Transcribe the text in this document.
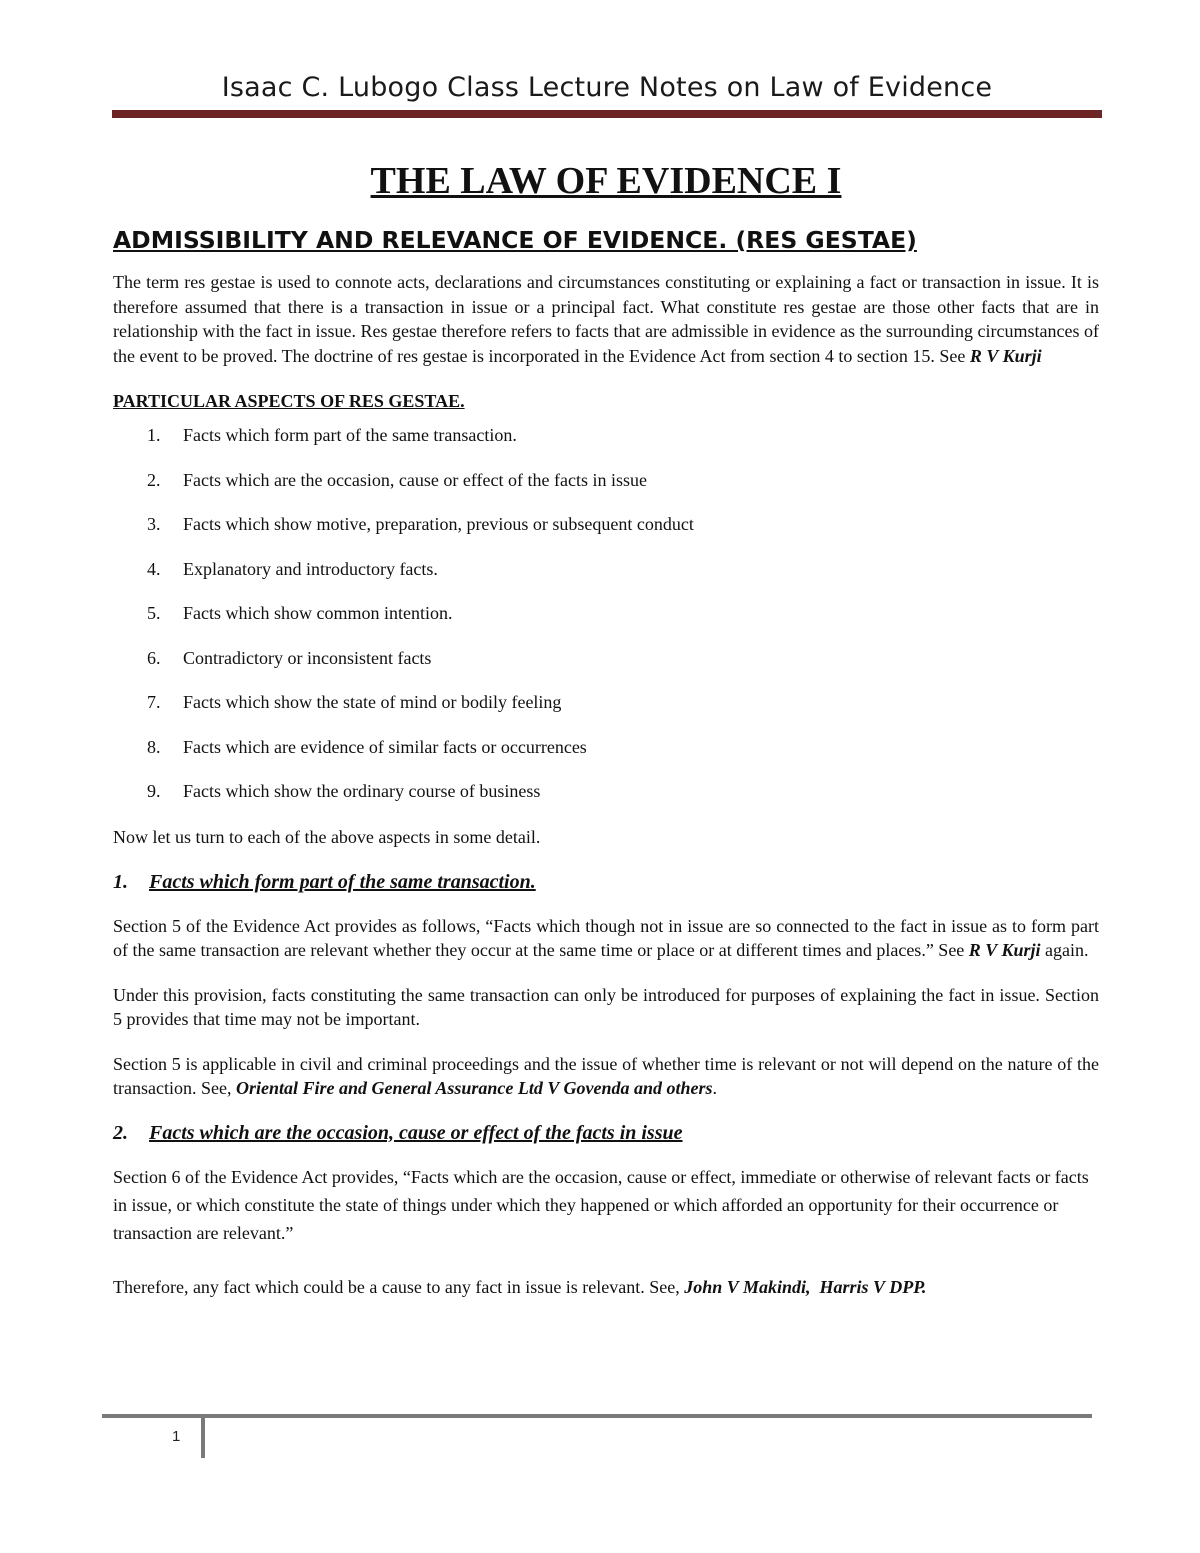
Isaac C. Lubogo Class Lecture Notes on Law of Evidence
THE LAW OF EVIDENCE I
ADMISSIBILITY AND RELEVANCE OF EVIDENCE. (RES GESTAE)

The term res gestae is used to connote acts, declarations and circumstances constituting or explaining a fact or transaction in issue. It is therefore assumed that there is a transaction in issue or a principal fact. What constitute res gestae are those other facts that are in relationship with the fact in issue. Res gestae therefore refers to facts that are admissible in evidence as the surrounding circumstances of the event to be proved. The doctrine of res gestae is incorporated in the Evidence Act from section 4 to section 15. See R V Kurji

PARTICULAR ASPECTS OF RES GESTAE.

1. Facts which form part of the same transaction.
2. Facts which are the occasion, cause or effect of the facts in issue
3. Facts which show motive, preparation, previous or subsequent conduct
4. Explanatory and introductory facts.
5. Facts which show common intention.
6. Contradictory or inconsistent facts
7. Facts which show the state of mind or bodily feeling
8. Facts which are evidence of similar facts or occurrences
9. Facts which show the ordinary course of business

Now let us turn to each of the above aspects in some detail.

1. Facts which form part of the same transaction.

Section 5 of the Evidence Act provides as follows, “Facts which though not in issue are so connected to the fact in issue as to form part of the same transaction are relevant whether they occur at the same time or place or at different times and places.” See R V Kurji again.

Under this provision, facts constituting the same transaction can only be introduced for purposes of explaining the fact in issue. Section 5 provides that time may not be important.

Section 5 is applicable in civil and criminal proceedings and the issue of whether time is relevant or not will depend on the nature of the transaction. See, Oriental Fire and General Assurance Ltd V Govenda and others.

2. Facts which are the occasion, cause or effect of the facts in issue

Section 6 of the Evidence Act provides, “Facts which are the occasion, cause or effect, immediate or otherwise of relevant facts or facts in issue, or which constitute the state of things under which they happened or which afforded an opportunity for their occurrence or transaction are relevant.”

Therefore, any fact which could be a cause to any fact in issue is relevant. See, John V Makindi, Harris V DPP.

1
